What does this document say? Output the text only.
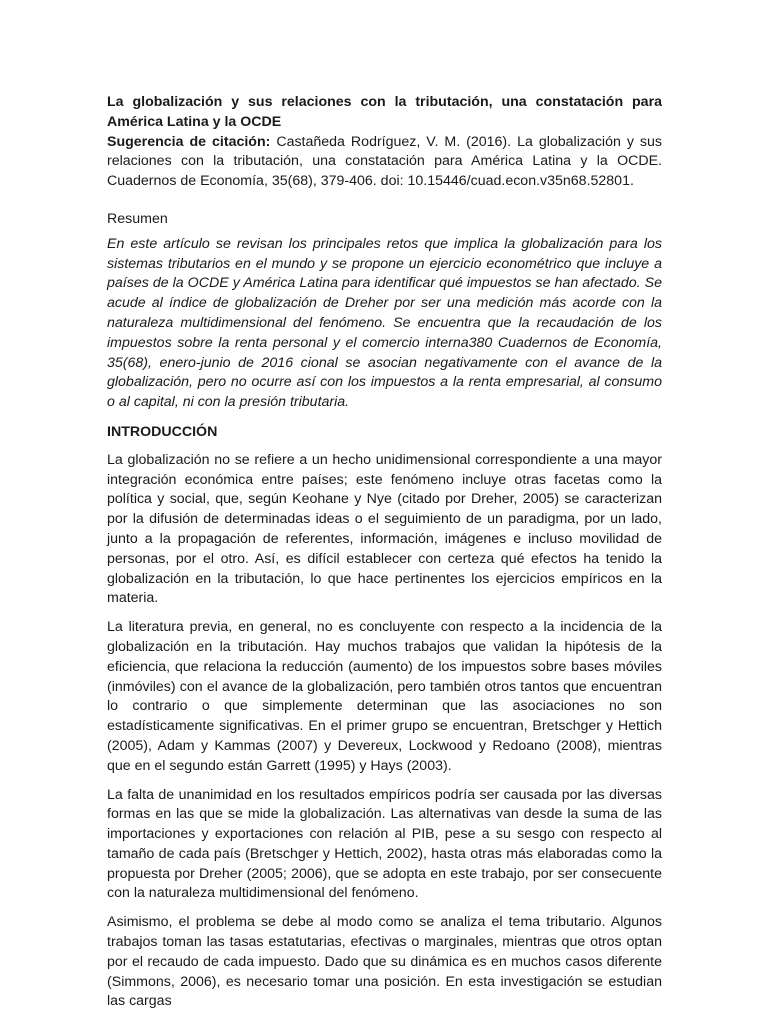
La globalización y sus relaciones con la tributación, una constatación para América Latina y la OCDE

Sugerencia de citación: Castañeda Rodríguez, V. M. (2016). La globalización y sus relaciones con la tributación, una constatación para América Latina y la OCDE. Cuadernos de Economía, 35(68), 379-406. doi: 10.15446/cuad.econ.v35n68.52801.

Resumen

En este artículo se revisan los principales retos que implica la globalización para los sistemas tributarios en el mundo y se propone un ejercicio econométrico que incluye a países de la OCDE y América Latina para identificar qué impuestos se han afectado. Se acude al índice de globalización de Dreher por ser una medición más acorde con la naturaleza multidimensional del fenómeno. Se encuentra que la recaudación de los impuestos sobre la renta personal y el comercio interna380 Cuadernos de Economía, 35(68), enero-junio de 2016 cional se asocian negativamente con el avance de la globalización, pero no ocurre así con los impuestos a la renta empresarial, al consumo o al capital, ni con la presión tributaria.

INTRODUCCIÓN

La globalización no se refiere a un hecho unidimensional correspondiente a una mayor integración económica entre países; este fenómeno incluye otras facetas como la política y social, que, según Keohane y Nye (citado por Dreher, 2005) se caracterizan por la difusión de determinadas ideas o el seguimiento de un paradigma, por un lado, junto a la propagación de referentes, información, imágenes e incluso movilidad de personas, por el otro. Así, es difícil establecer con certeza qué efectos ha tenido la globalización en la tributación, lo que hace pertinentes los ejercicios empíricos en la materia.

La literatura previa, en general, no es concluyente con respecto a la incidencia de la globalización en la tributación. Hay muchos trabajos que validan la hipótesis de la eficiencia, que relaciona la reducción (aumento) de los impuestos sobre bases móviles (inmóviles) con el avance de la globalización, pero también otros tantos que encuentran lo contrario o que simplemente determinan que las asociaciones no son estadísticamente significativas. En el primer grupo se encuentran, Bretschger y Hettich (2005), Adam y Kammas (2007) y Devereux, Lockwood y Redoano (2008), mientras que en el segundo están Garrett (1995) y Hays (2003).

La falta de unanimidad en los resultados empíricos podría ser causada por las diversas formas en las que se mide la globalización. Las alternativas van desde la suma de las importaciones y exportaciones con relación al PIB, pese a su sesgo con respecto al tamaño de cada país (Bretschger y Hettich, 2002), hasta otras más elaboradas como la propuesta por Dreher (2005; 2006), que se adopta en este trabajo, por ser consecuente con la naturaleza multidimensional del fenómeno.

Asimismo, el problema se debe al modo como se analiza el tema tributario. Algunos trabajos toman las tasas estatutarias, efectivas o marginales, mientras que otros optan por el recaudo de cada impuesto. Dado que su dinámica es en muchos casos diferente (Simmons, 2006), es necesario tomar una posición. En esta investigación se estudian las cargas
